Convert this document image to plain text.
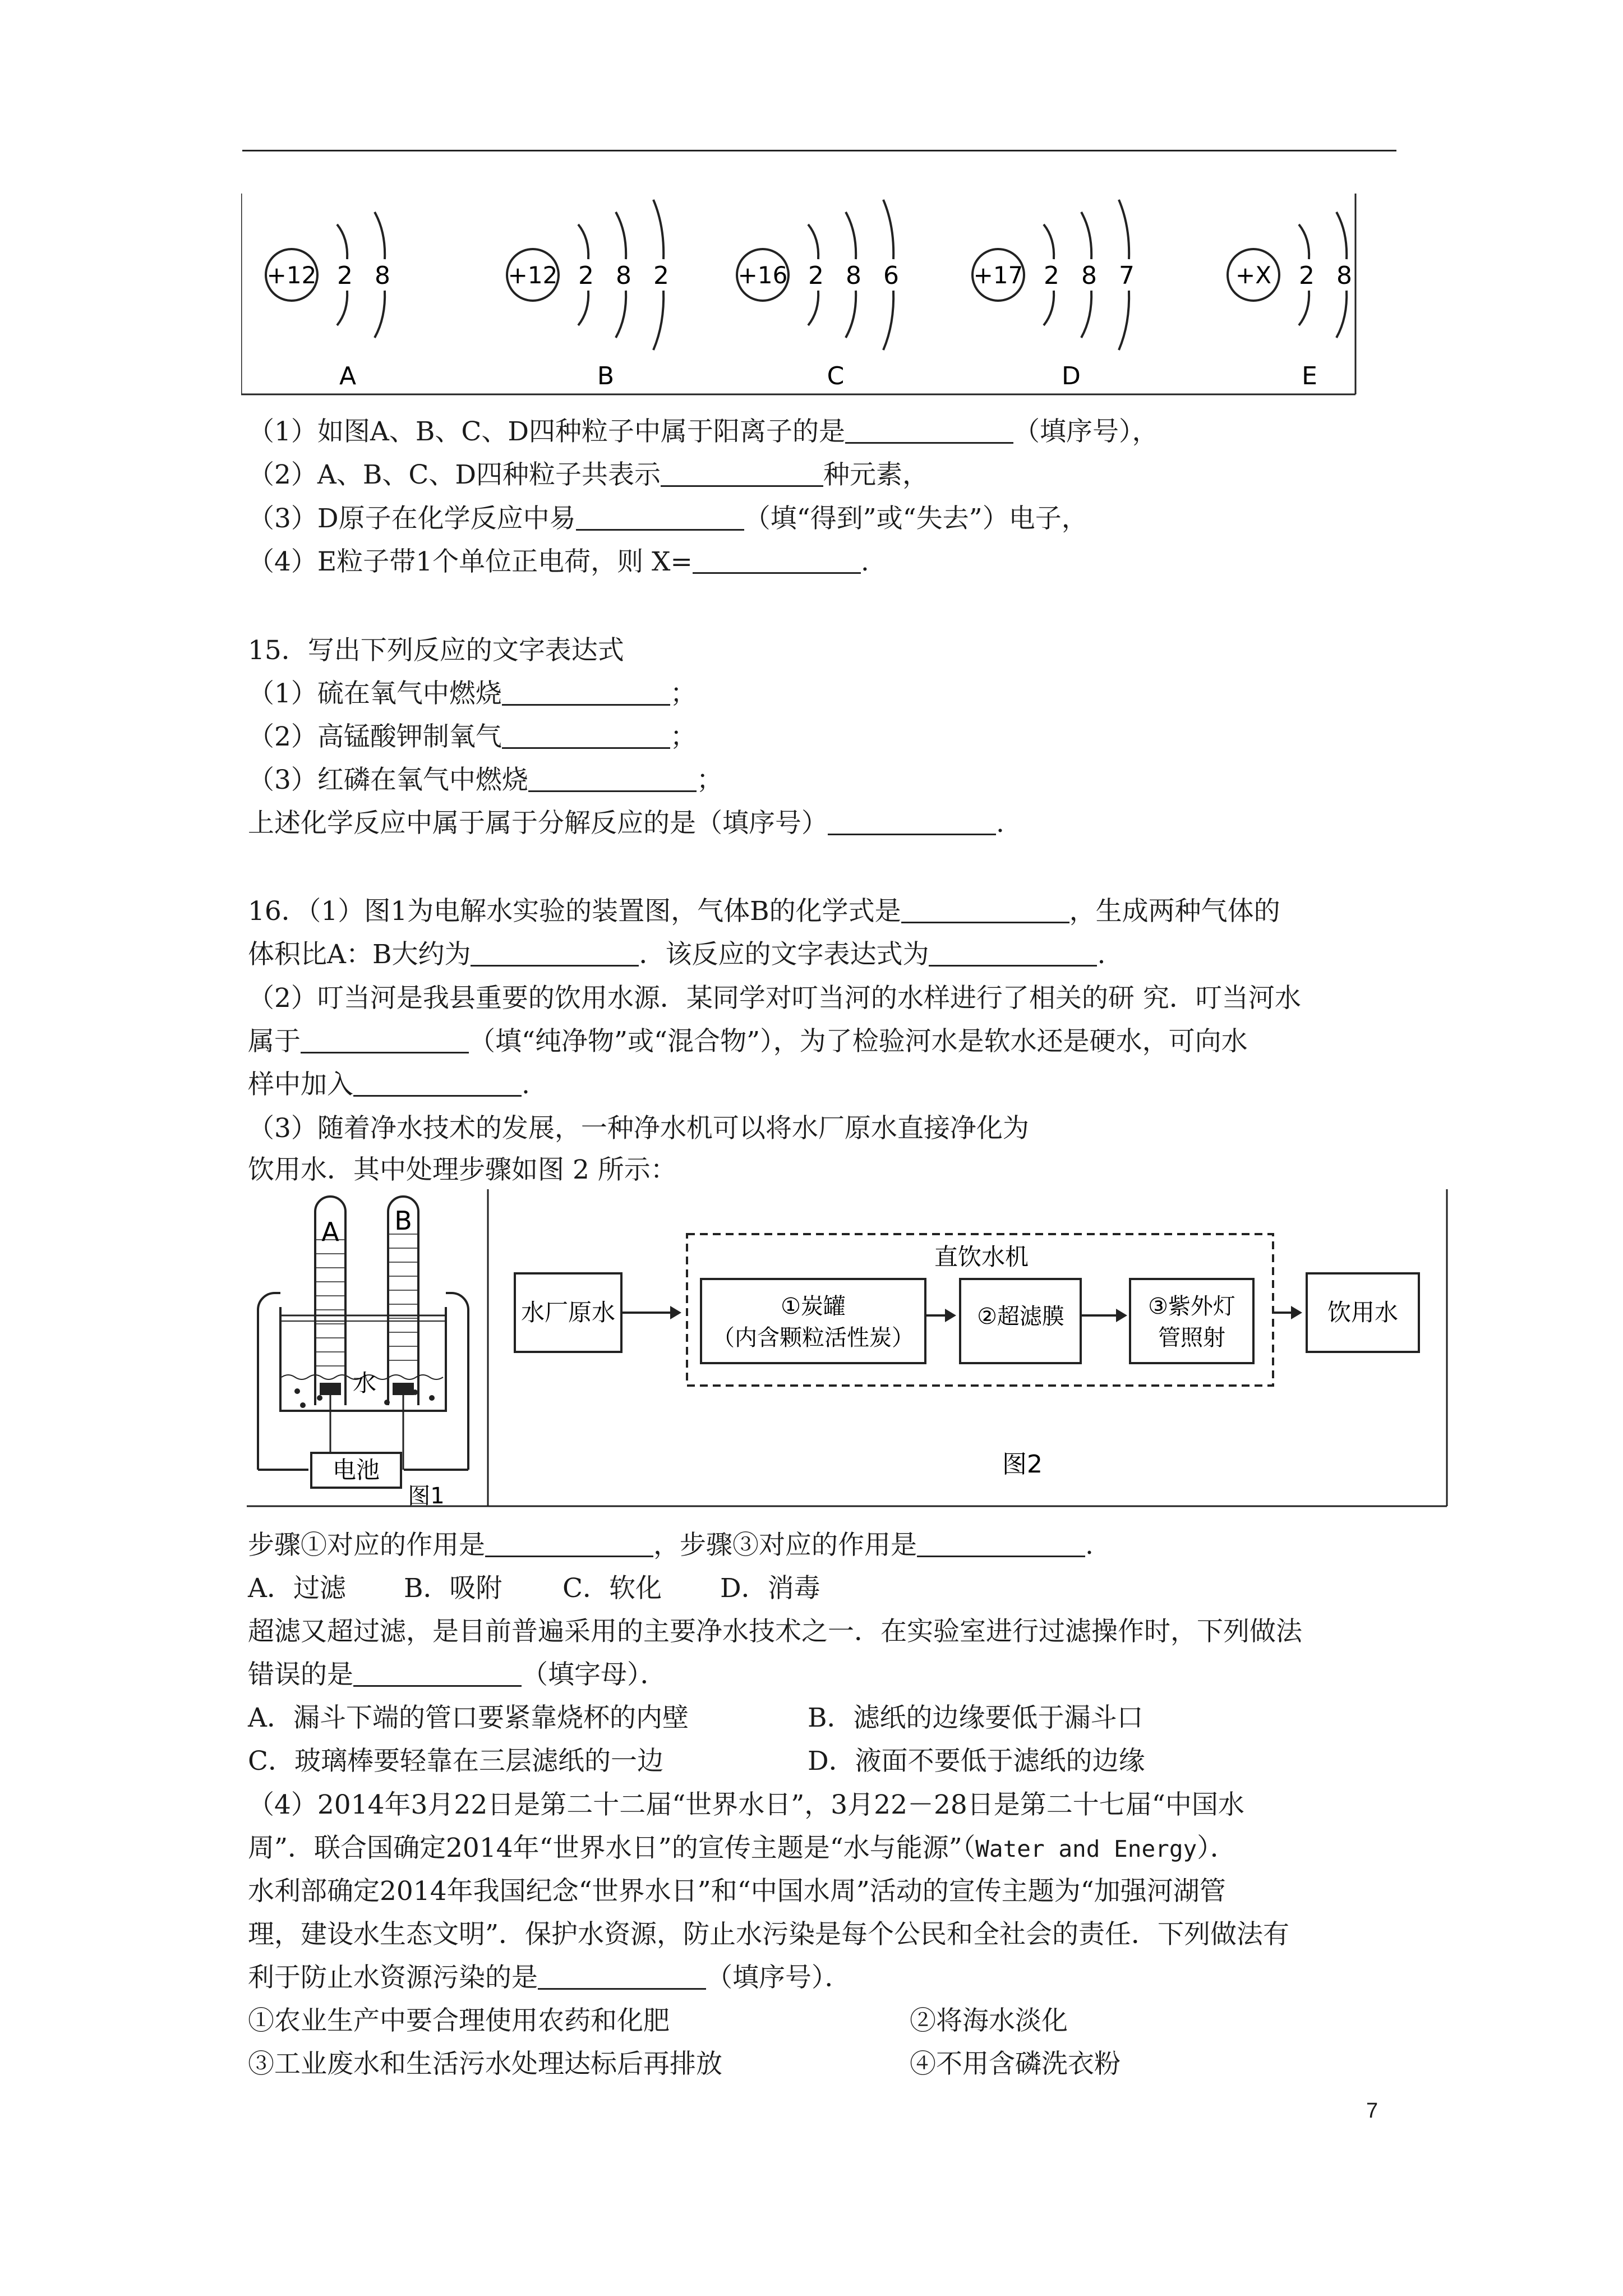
+12 2 8
A
+12 2 8 2
B
+16 2 8 6
C
+17 2 8 7
D
+X 2 8
E
（1）如图A、B、C、D四种粒子中属于阳离子的是	（填序号），
（2）A、B、C、D四种粒子共表示	种元素，
（3）D原子在化学反应中易	（填“得到”或“失去”）电子，
（4）E粒子带1个单位正电荷，则 X=	.
15．写出下列反应的文字表达式
（1）硫在氧气中燃烧	；
（2）高锰酸钾制氧气	；
（3）红磷在氧气中燃烧	；
上述化学反应中属于属于分解反应的是（填序号）	.
16．（1）图1为电解水实验的装置图，气体B的化学式是	，生成两种气体的
体积比A：B大约为	．该反应的文字表达式为	.
（2）叮当河是我县重要的饮用水源．某同学对叮当河的水样进行了相关的研 究．叮当河水
属于	（填“纯净物”或“混合物”），为了检验河水是软水还是硬水，可向水
样中加入	.
（3）随着净水技术的发展，一种净水机可以将水厂原水直接净化为
饮用水．其中处理步骤如图 2 所示：
A B
水
电池
图1
水厂原水
直饮水机
①炭罐
（内含颗粒活性炭）
②超滤膜	③紫外灯
管照射
饮用水
图2
步骤①对应的作用是	，步骤③对应的作用是	.
A．过滤 B．吸附 C．软化 D．消毒
超滤又超过滤，是目前普遍采用的主要净水技术之一．在实验室进行过滤操作时，下列做法
错误的是	（填字母）．
A．漏斗下端的管口要紧靠烧杯的内壁	B．滤纸的边缘要低于漏斗口
C．玻璃棒要轻靠在三层滤纸的一边	D．液面不要低于滤纸的边缘
（4）2014年3月22日是第二十二届“世界水日”，3月22－28日是第二十七届“中国水
周”．联合国确定2014年“世界水日”的宣传主题是“水与能源”（Water and Energy）．
水利部确定2014年我国纪念“世界水日”和“中国水周”活动的宣传主题为“加强河湖管
理，建设水生态文明”．保护水资源，防止水污染是每个公民和全社会的责任．下列做法有
利于防止水资源污染的是	（填序号）．
①农业生产中要合理使用农药和化肥	②将海水淡化
③工业废水和生活污水处理达标后再排放	④不用含磷洗衣粉
7
